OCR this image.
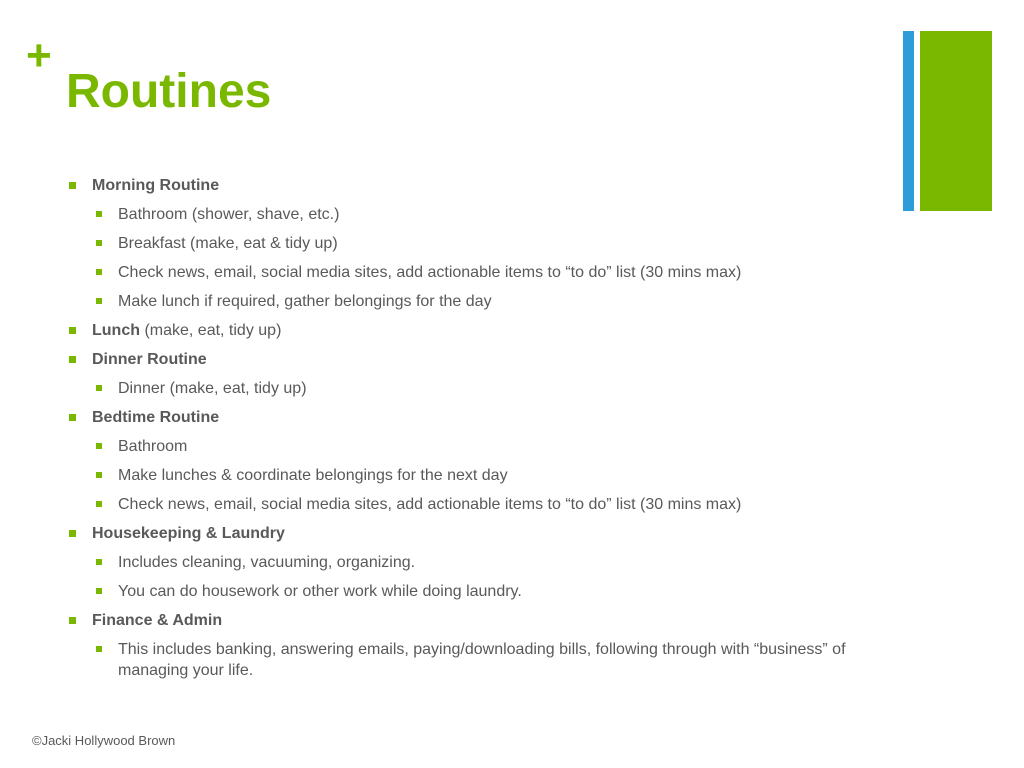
+
Routines

Morning Routine

Bathroom (shower, shave, etc.)

Breakfast (make, eat & tidy up)

Check news, email, social media sites, add actionable items to “to do” list (30 mins max)

Make lunch if required, gather belongings for the day

Lunch (make, eat, tidy up)

Dinner Routine

Dinner (make, eat, tidy up)

Bedtime Routine

Bathroom

Make lunches & coordinate belongings for the next day

Check news, email, social media sites, add actionable items to “to do” list (30 mins max)

Housekeeping & Laundry

Includes cleaning, vacuuming, organizing.

You can do housework or other work while doing laundry.

Finance & Admin

This includes banking, answering emails, paying/downloading bills, following through with “business” of managing your life.

©Jacki Hollywood Brown
